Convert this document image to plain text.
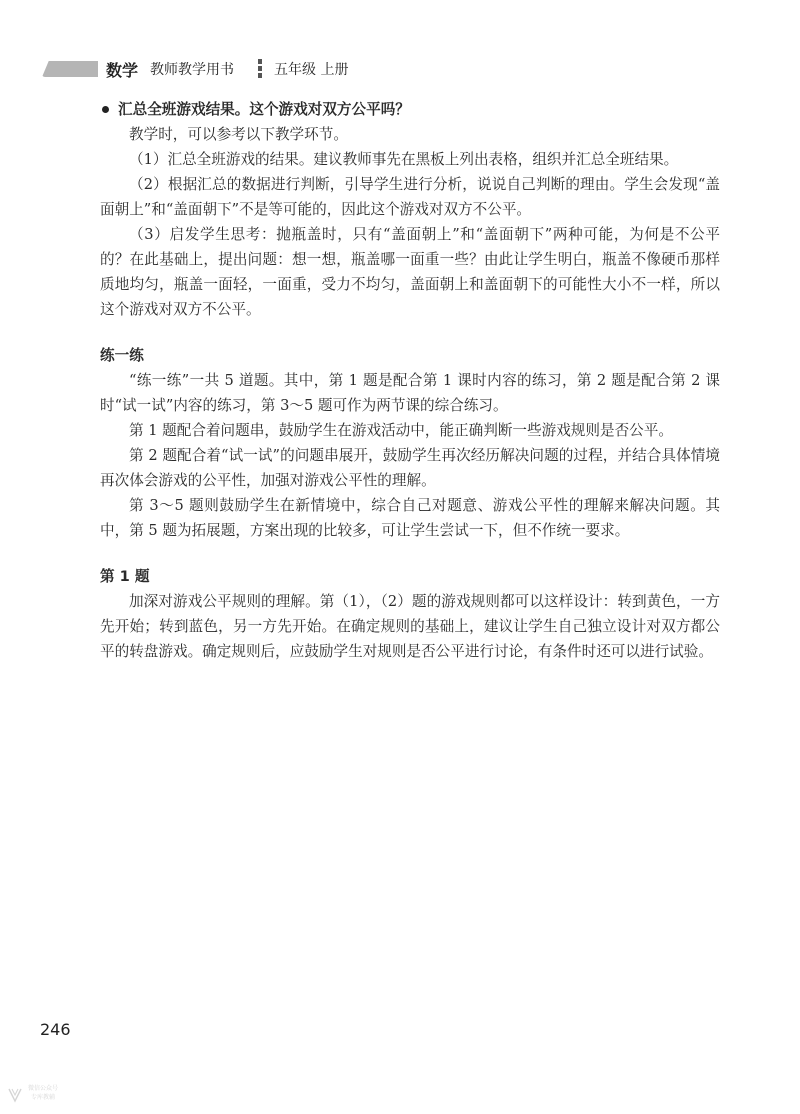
数学 教师教学用书	五年级 上册

汇总全班游戏结果。这个游戏对双方公平吗？

教学时，可以参考以下教学环节。

（1）汇总全班游戏的结果。建议教师事先在黑板上列出表格，组织并汇总全班结果。

（2）根据汇总的数据进行判断，引导学生进行分析，说说自己判断的理由。学生会发现“盖面朝上”和“盖面朝下”不是等可能的，因此这个游戏对双方不公平。

（3）启发学生思考：抛瓶盖时，只有“盖面朝上”和“盖面朝下”两种可能，为何是不公平的？在此基础上，提出问题：想一想，瓶盖哪一面重一些？由此让学生明白，瓶盖不像硬币那样质地均匀，瓶盖一面轻，一面重，受力不均匀，盖面朝上和盖面朝下的可能性大小不一样，所以这个游戏对双方不公平。

练一练

“练一练”一共 5 道题。其中，第 1 题是配合第 1 课时内容的练习，第 2 题是配合第 2 课时“试一试”内容的练习，第 3～5 题可作为两节课的综合练习。

第 1 题配合着问题串，鼓励学生在游戏活动中，能正确判断一些游戏规则是否公平。

第 2 题配合着“试一试”的问题串展开，鼓励学生再次经历解决问题的过程，并结合具体情境再次体会游戏的公平性，加强对游戏公平性的理解。

第 3～5 题则鼓励学生在新情境中，综合自己对题意、游戏公平性的理解来解决问题。其中，第 5 题为拓展题，方案出现的比较多，可让学生尝试一下，但不作统一要求。

第 1 题

加深对游戏公平规则的理解。第（1），（2）题的游戏规则都可以这样设计：转到黄色，一方先开始；转到蓝色，另一方先开始。在确定规则的基础上，建议让学生自己独立设计对双方都公平的转盘游戏。确定规则后，应鼓励学生对规则是否公平进行讨论，有条件时还可以进行试验。

246
微信公众号
专库教辅
